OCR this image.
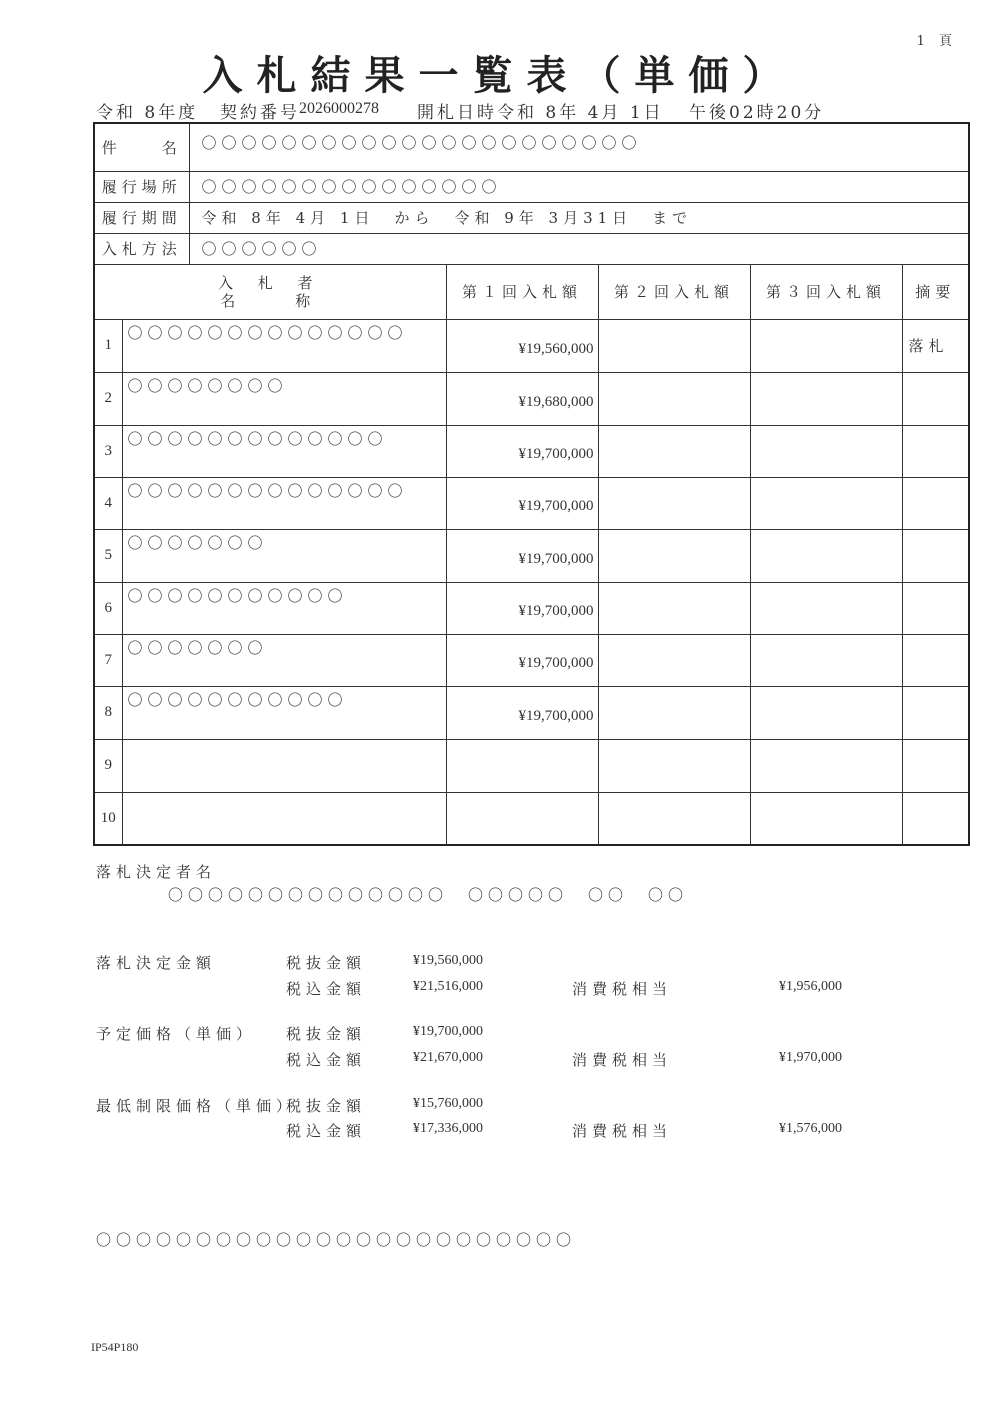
1 頁
入札結果一覧表（単価）

令和 8年度

契約番号

2026000278

開札日時

令和 8年 4月 1日

午後02時20分

件　　名		〇〇〇〇〇〇〇〇〇〇〇〇〇〇〇〇〇〇〇〇〇〇				
履行場所		〇〇〇〇〇〇〇〇〇〇〇〇〇〇〇				
履行期間		令和 8年 4月 1日　から　令和 9年 3月31日　まで				
入札方法		〇〇〇〇〇〇				

入 札 者
名　　称			第１回入札額	第２回入札額	第３回入札額	摘要
1	〇〇〇〇〇〇〇〇〇〇〇〇〇〇		¥19,560,000			落札
2	〇〇〇〇〇〇〇〇		¥19,680,000			
3	〇〇〇〇〇〇〇〇〇〇〇〇〇		¥19,700,000			
4	〇〇〇〇〇〇〇〇〇〇〇〇〇〇		¥19,700,000			
5	〇〇〇〇〇〇〇		¥19,700,000			
6	〇〇〇〇〇〇〇〇〇〇〇		¥19,700,000			
7	〇〇〇〇〇〇〇		¥19,700,000			
8	〇〇〇〇〇〇〇〇〇〇〇		¥19,700,000			
9						
10						
落札決定者名
〇〇〇〇〇〇〇〇〇〇〇〇〇〇　〇〇〇〇〇　〇〇　〇〇
落札決定金額	税抜金額	¥19,560,000
税込金額	¥21,516,000	消費税相当	¥1,956,000
予定価格（単価） 税抜金額	¥19,700,000
税込金額	¥21,670,000	消費税相当	¥1,970,000
最低制限価格（単価）
税抜金額	¥15,760,000
税込金額	¥17,336,000	消費税相当	¥1,576,000
〇〇〇〇〇〇〇〇〇〇〇〇〇〇〇〇〇〇〇〇〇〇〇〇
IP54P180
